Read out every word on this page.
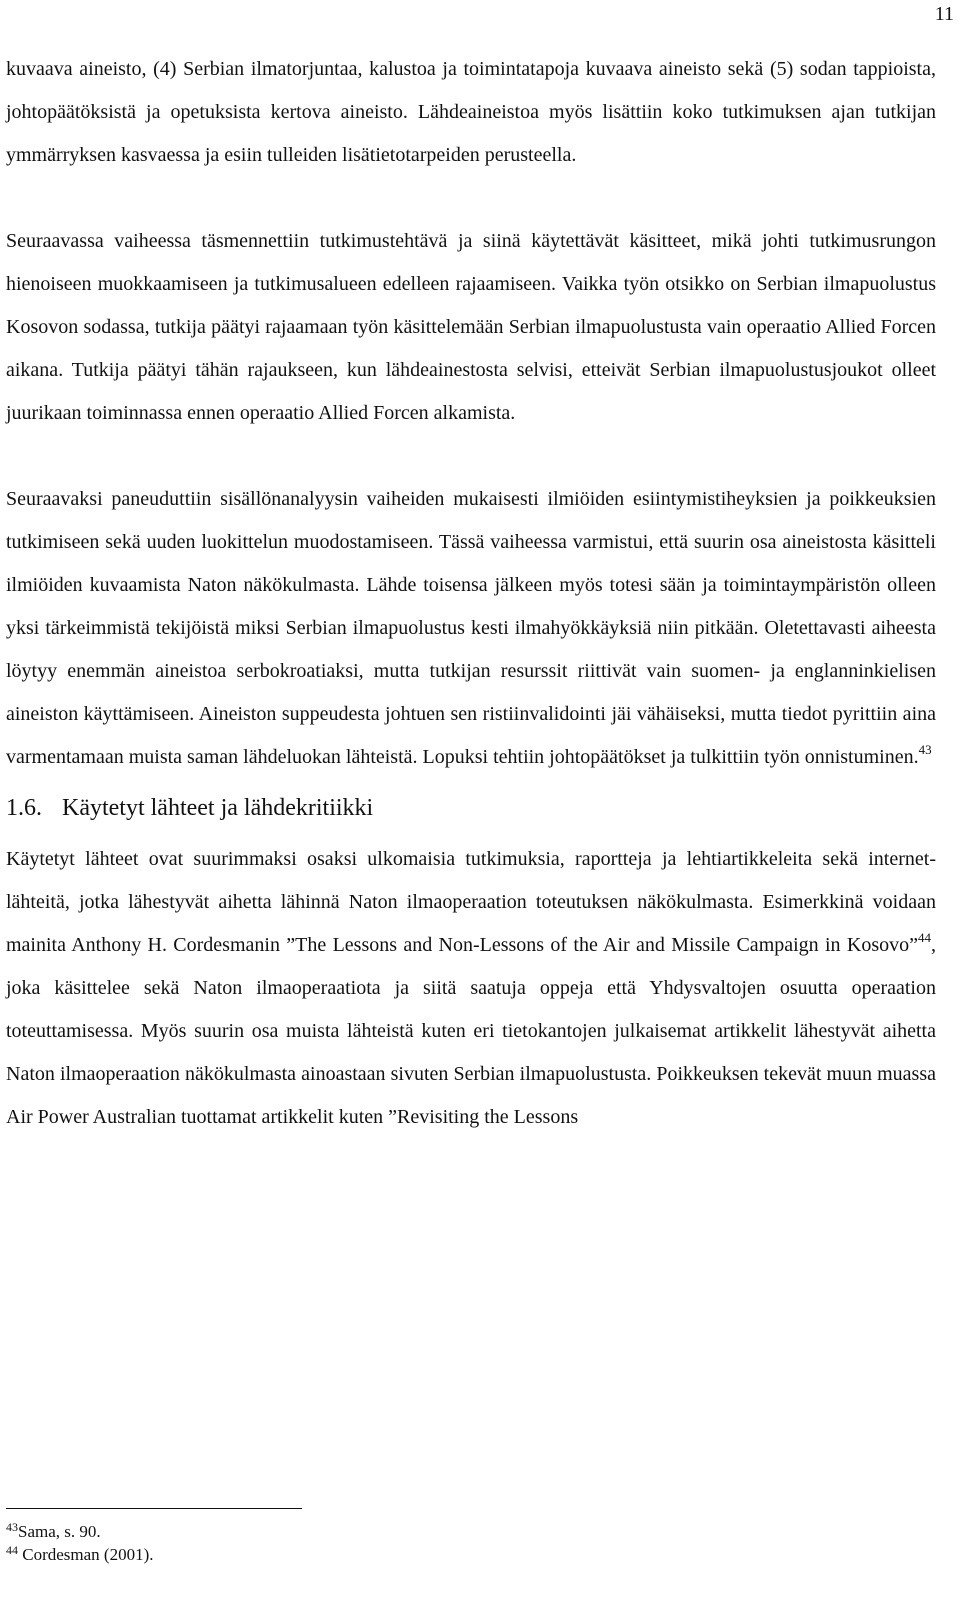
11

kuvaava aineisto, (4) Serbian ilmatorjuntaa, kalustoa ja toimintatapoja kuvaava aineisto sekä (5) sodan tappioista, johtopäätöksistä ja opetuksista kertova aineisto. Lähdeaineistoa myös lisättiin koko tutkimuksen ajan tutkijan ymmärryksen kasvaessa ja esiin tulleiden lisätietotarpeiden perusteella.

Seuraavassa vaiheessa täsmennettiin tutkimustehtävä ja siinä käytettävät käsitteet, mikä johti tutkimusrungon hienoiseen muokkaamiseen ja tutkimusalueen edelleen rajaamiseen. Vaikka työn otsikko on Serbian ilmapuolustus Kosovon sodassa, tutkija päätyi rajaamaan työn käsittelemään Serbian ilmapuolustusta vain operaatio Allied Forcen aikana. Tutkija päätyi tähän rajaukseen, kun lähdeainestosta selvisi, etteivät Serbian ilmapuolustusjoukot olleet juurikaan toiminnassa ennen operaatio Allied Forcen alkamista.

Seuraavaksi paneuduttiin sisällönanalyysin vaiheiden mukaisesti ilmiöiden esiintymistiheyksien ja poikkeuksien tutkimiseen sekä uuden luokittelun muodostamiseen. Tässä vaiheessa varmistui, että suurin osa aineistosta käsitteli ilmiöiden kuvaamista Naton näkökulmasta. Lähde toisensa jälkeen myös totesi sään ja toimintaympäristön olleen yksi tärkeimmistä tekijöistä miksi Serbian ilmapuolustus kesti ilmahyökkäyksiä niin pitkään. Oletettavasti aiheesta löytyy enemmän aineistoa serbokroatiaksi, mutta tutkijan resurssit riittivät vain suomen- ja englanninkielisen aineiston käyttämiseen. Aineiston suppeudesta johtuen sen ristiinvalidointi jäi vähäiseksi, mutta tiedot pyrittiin aina varmentamaan muista saman lähdeluokan lähteistä. Lopuksi tehtiin johtopäätökset ja tulkittiin työn onnistuminen.$^{43}$

1.6. Käytetyt lähteet ja lähdekritiikki

Käytetyt lähteet ovat suurimmaksi osaksi ulkomaisia tutkimuksia, raportteja ja lehtiartikkeleita sekä internet-lähteitä, jotka lähestyvät aihetta lähinnä Naton ilmaoperaation toteutuksen näkökulmasta. Esimerkkinä voidaan mainita Anthony H. Cordesmanin ”The Lessons and Non-Lessons of the Air and Missile Campaign in Kosovo”$^{44}$, joka käsittelee sekä Naton ilmaoperaatiota ja siitä saatuja oppeja että Yhdysvaltojen osuutta operaation toteuttamisessa. Myös suurin osa muista lähteistä kuten eri tietokantojen julkaisemat artikkelit lähestyvät aihetta Naton ilmaoperaation näkökulmasta ainoastaan sivuten Serbian ilmapuolustusta. Poikkeuksen tekevät muun muassa Air Power Australian tuottamat artikkelit kuten ”Revisiting the Lessons

$^{43}$Sama, s. 90.

$^{44}$ Cordesman (2001).
